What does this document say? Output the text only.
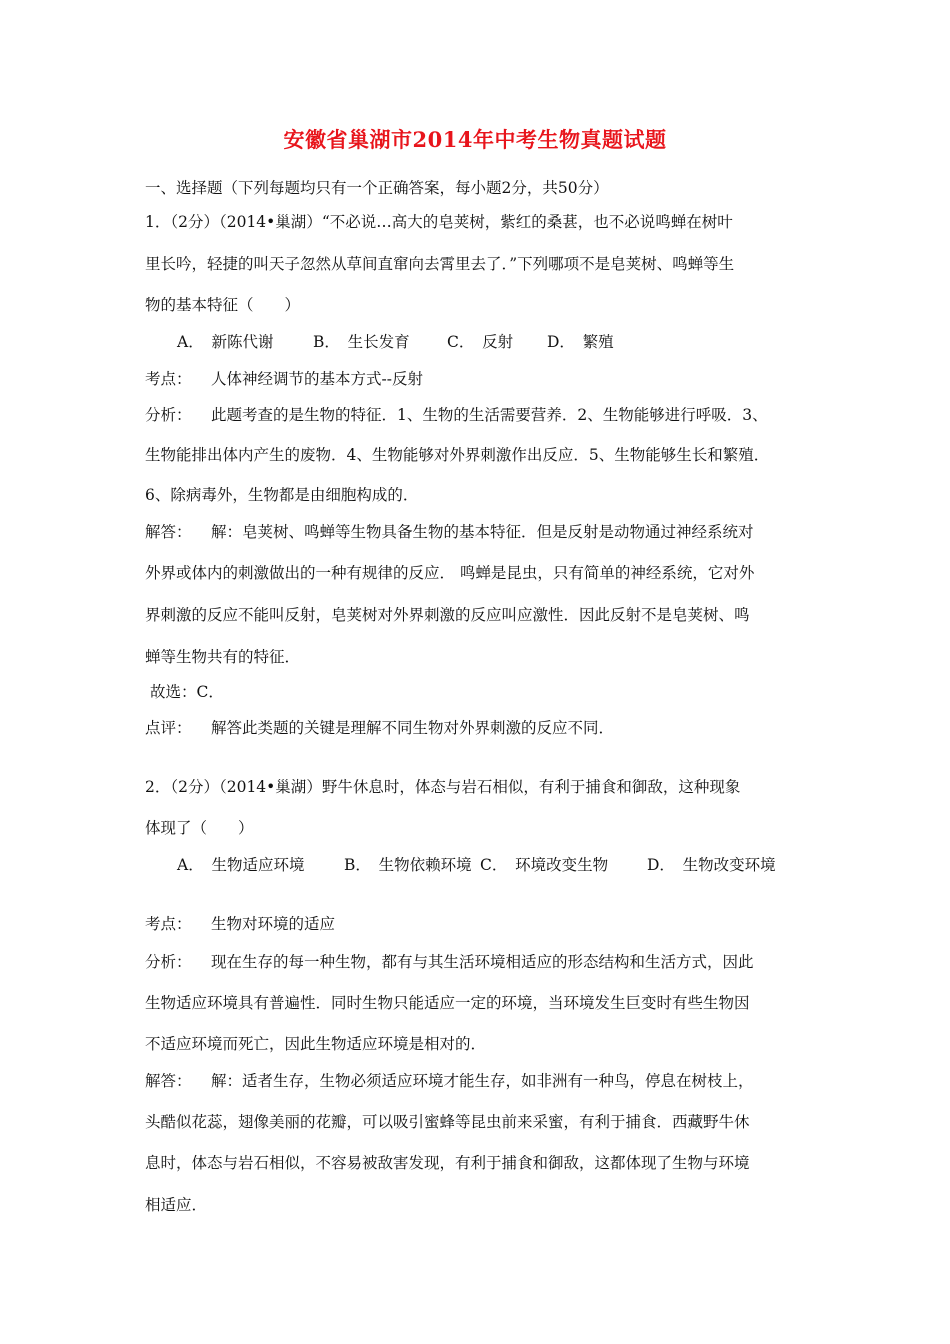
安徽省巢湖市2014年中考生物真题试题
一、选择题（下列每题均只有一个正确答案，每小题2分，共50分）
1．（2分）（2014•巢湖）“不必说…高大的皂荚树，紫红的桑葚，也不必说鸣蝉在树叶
里长吟，轻捷的叫天子忽然从草间直窜向去霄里去了．”下列哪项不是皂荚树、鸣蝉等生
物的基本特征（　　）
A．　新陈代谢	B．　生长发育 C．　反射 D．　繁殖
考点： 人体神经调节的基本方式--反射
分析： 此题考查的是生物的特征．1、生物的生活需要营养．2、生物能够进行呼吸．3、
生物能排出体内产生的废物．4、生物能够对外界刺激作出反应．5、生物能够生长和繁殖．
6、除病毒外，生物都是由细胞构成的．
解答： 解：皂荚树、鸣蝉等生物具备生物的基本特征．但是反射是动物通过神经系统对
外界或体内的刺激做出的一种有规律的反应． 鸣蝉是昆虫，只有简单的神经系统，它对外
界刺激的反应不能叫反射，皂荚树对外界刺激的反应叫应激性．因此反射不是皂荚树、鸣
蝉等生物共有的特征．
故选：C．
点评： 解答此类题的关键是理解不同生物对外界刺激的反应不同．
2．（2分）（2014•巢湖）野牛休息时，体态与岩石相似，有利于捕食和御敌，这种现象
体现了（　　）
A．　生物适应环境	B．　生物依赖环境 C．　环境改变生物	D．　生物改变环境
考点： 生物对环境的适应
分析： 现在生存的每一种生物，都有与其生活环境相适应的形态结构和生活方式，因此
生物适应环境具有普遍性．同时生物只能适应一定的环境，当环境发生巨变时有些生物因
不适应环境而死亡，因此生物适应环境是相对的．
解答： 解：适者生存，生物必须适应环境才能生存，如非洲有一种鸟，停息在树枝上，
头酷似花蕊，翅像美丽的花瓣，可以吸引蜜蜂等昆虫前来采蜜，有利于捕食．西藏野牛休
息时，体态与岩石相似，不容易被敌害发现，有利于捕食和御敌，这都体现了生物与环境
相适应．
